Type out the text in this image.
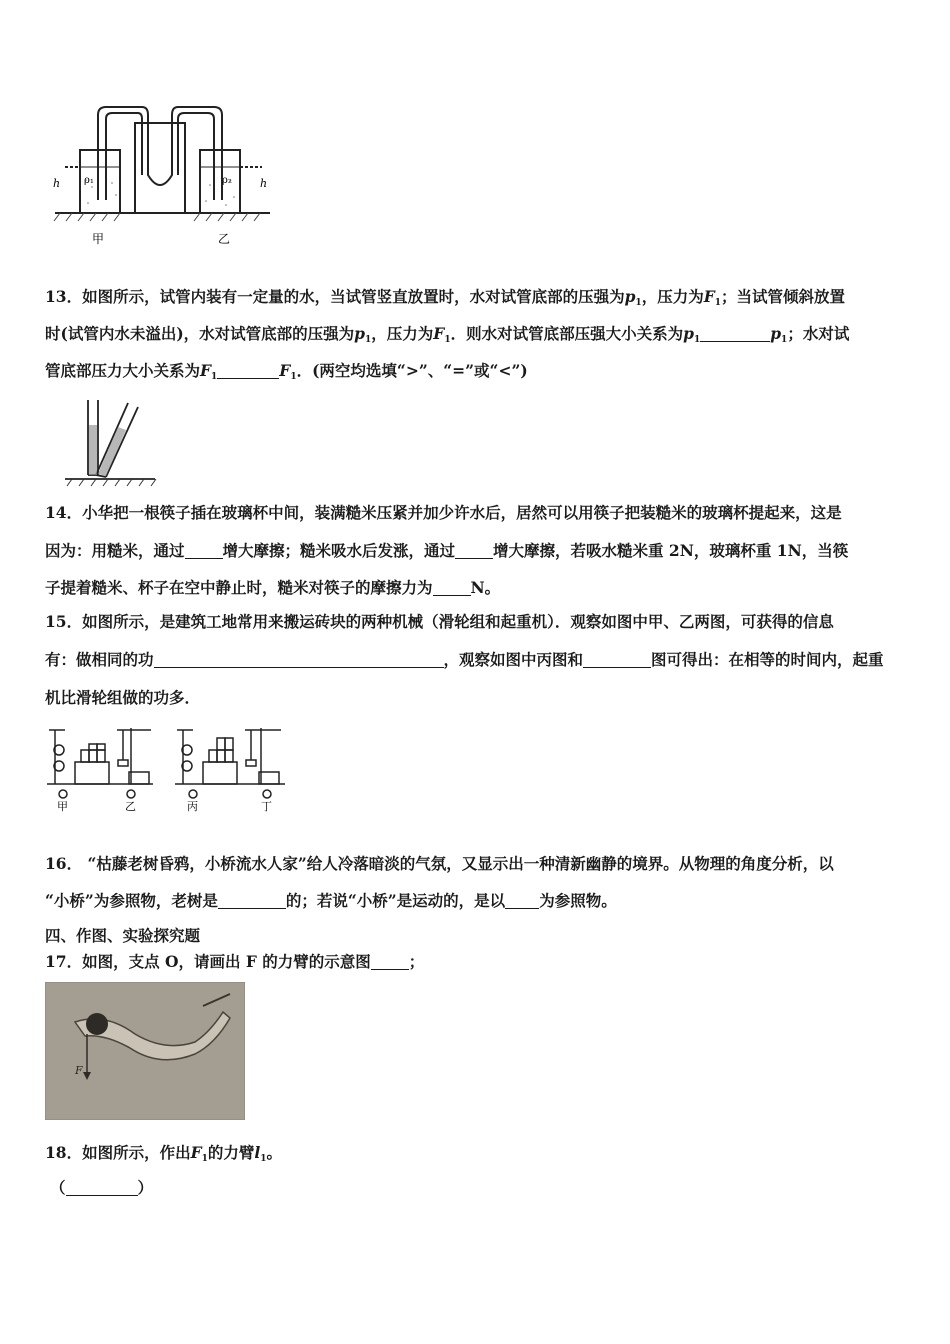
h	h
ρ₁	ρ₂
甲	乙
13．如图所示，试管内装有一定量的水，当试管竖直放置时，水对试管底部的压强为$p_1$，压力为$F_1$；当试管倾斜放置
时(试管内水未溢出)，水对试管底部的压强为$p_1$，压力为$F_1$．则水对试管底部压强大小关系为$p_1$	$p_1$；水对试
管底部压力大小关系为$F_1$	$F_1$．(两空均选填“>”、“=”或“<”)
14．小华把一根筷子插在玻璃杯中间，装满糙米压紧并加少许水后，居然可以用筷子把装糙米的玻璃杯提起来，这是
因为：用糙米，通过 增大摩擦；糙米吸水后发涨，通过 增大摩擦，若吸水糙米重 2N，玻璃杯重 1N，当筷
子提着糙米、杯子在空中静止时，糙米对筷子的摩擦力为 N。
15．如图所示，是建筑工地常用来搬运砖块的两种机械（滑轮组和起重机）．观察如图中甲、乙两图，可获得的信息
有：做相同的功	，观察如图中丙图和	图可得出：在相等的时间内，起重
机比滑轮组做的功多．
甲	乙	丙	丁
16． “枯藤老树昏鸦，小桥流水人家”给人冷落暗淡的气氛，又显示出一种清新幽静的境界。从物理的角度分析，以
“小桥”为参照物，老树是	的；若说“小桥”是运动的，是以 为参照物。
四、作图、实验探究题
17．如图，支点 O，请画出 F 的力臂的示意图 ；
F
18．如图所示，作出$F_1$的力臂$l_1$。
（	）
